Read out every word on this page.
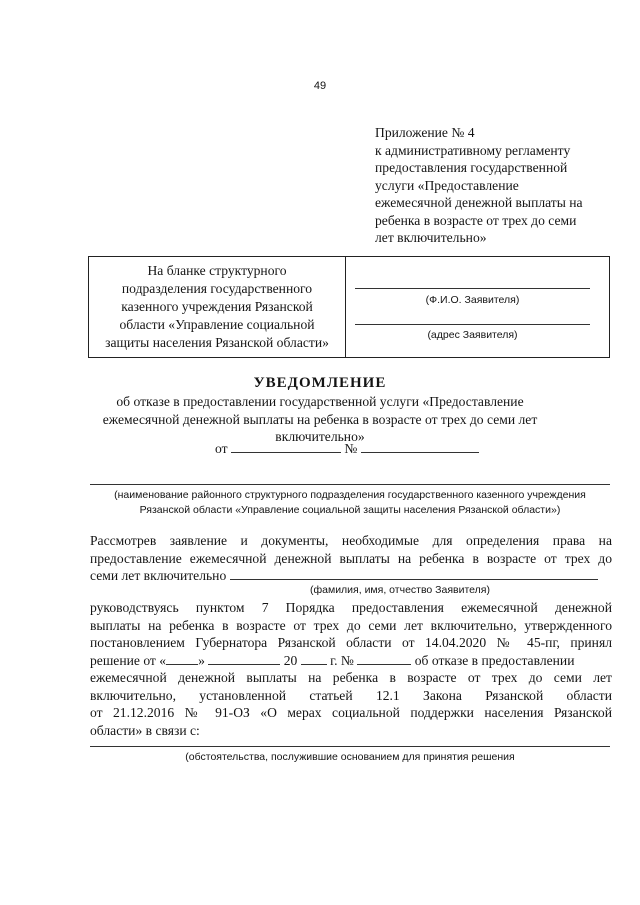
49
Приложение № 4
к административному регламенту
предоставления государственной
услуги «Предоставление
ежемесячной денежной выплаты на
ребенка в возрасте от трех до семи
лет включительно»
На бланке структурного
подразделения государственного
казенного учреждения Рязанской
области «Управление социальной
защиты населения Рязанской области»
(Ф.И.О. Заявителя)
(адрес Заявителя)
УВЕДОМЛЕНИЕ
об отказе в предоставлении государственной услуги «Предоставление
ежемесячной денежной выплаты на ребенка в возрасте от трех до семи лет
включительно»
от	№
(наименование районного структурного подразделения государственного казенного учреждения
Рязанской области «Управление социальной защиты населения Рязанской области»)
Рассмотрев заявление и документы, необходимые для определения права на
предоставление ежемесячной денежной выплаты на ребенка в возрасте от трех до
семи лет включительно
(фамилия, имя, отчество Заявителя)
руководствуясь пунктом 7 Порядка предоставления ежемесячной денежной
выплаты на ребенка в возрасте от трех до семи лет включительно, утвержденного
постановлением Губернатора Рязанской области от 14.04.2020 № 45-пг, принял
решение от « »	20 г. №	об отказе в предоставлении
ежемесячной денежной выплаты на ребенка в возрасте от трех до семи лет
включительно, установленной статьей 12.1 Закона Рязанской области
от 21.12.2016 № 91-ОЗ «О мерах социальной поддержки населения Рязанской
области» в связи с:
(обстоятельства, послужившие основанием для принятия решения
